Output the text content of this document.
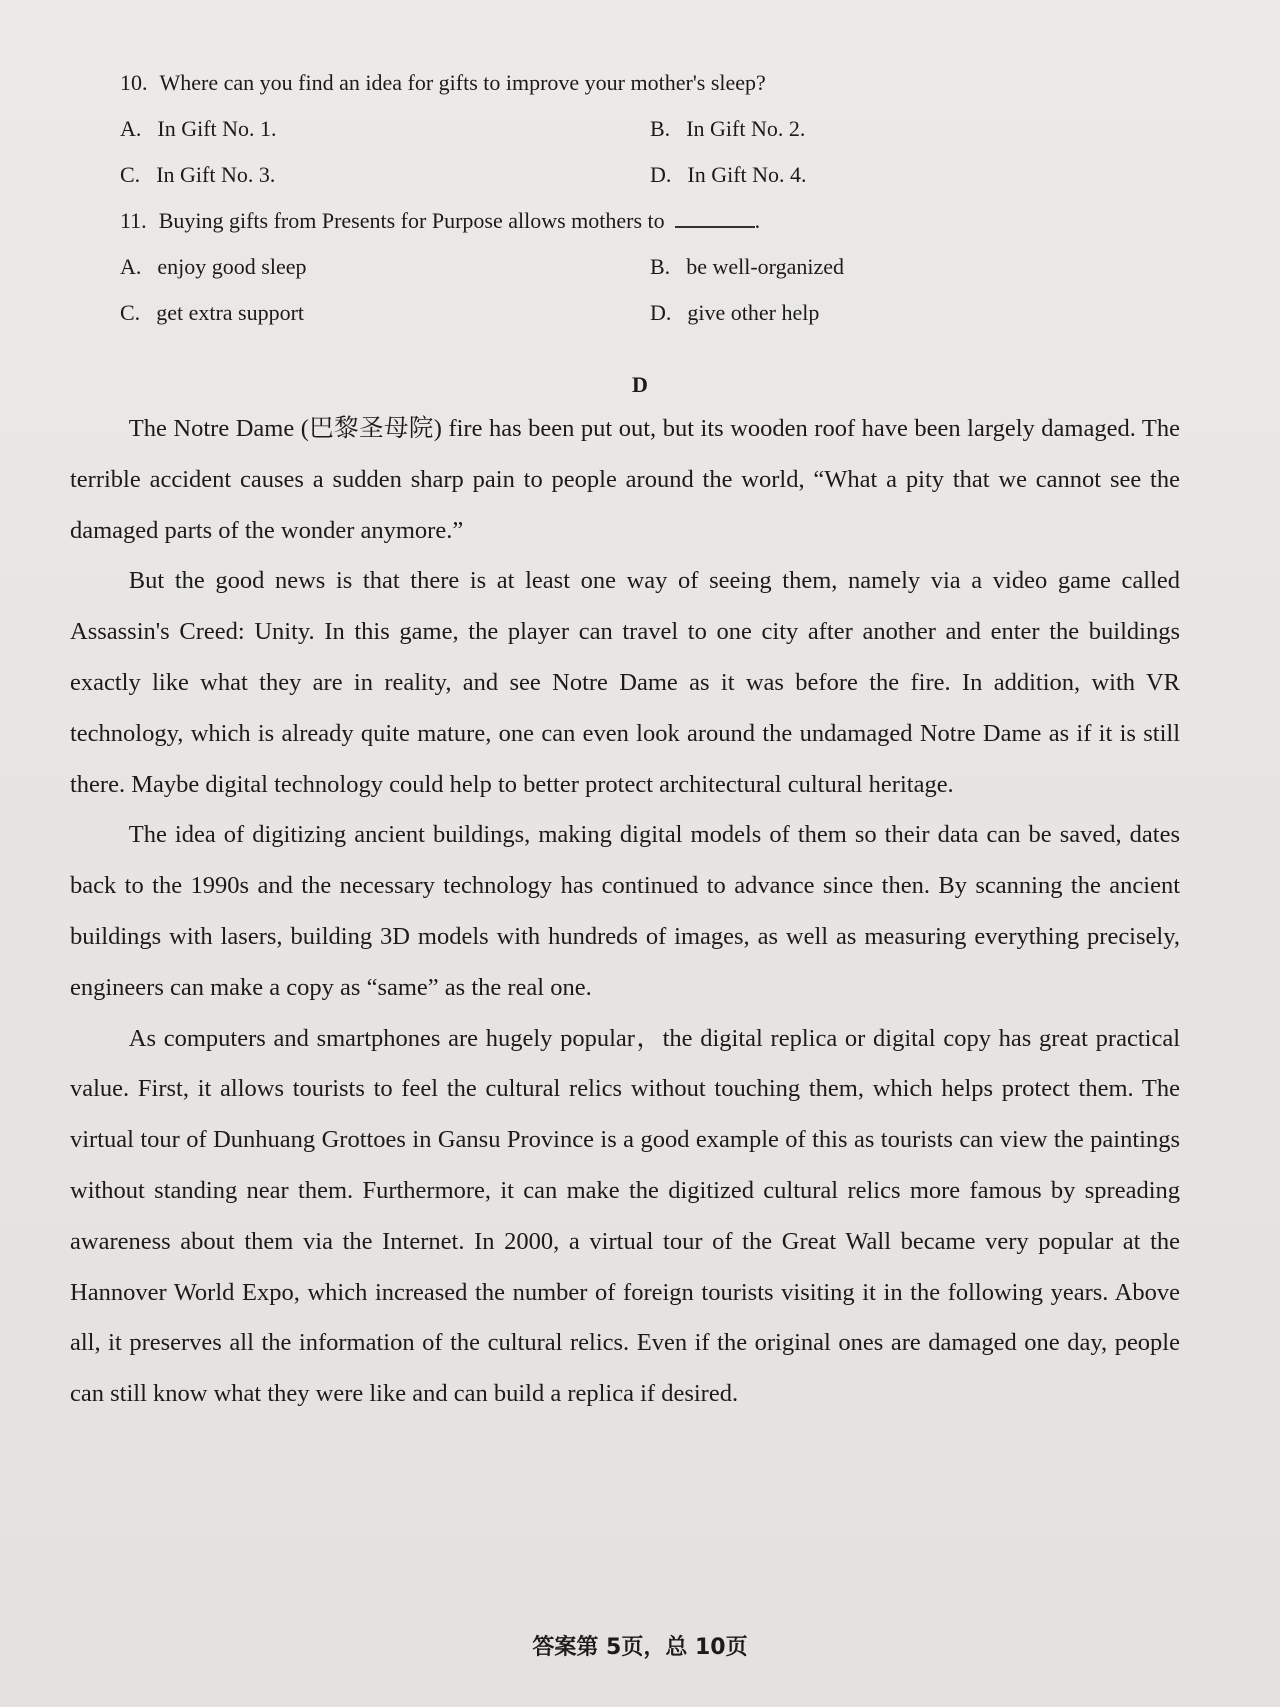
10. Where can you find an idea for gifts to improve your mother's sleep?
A. In Gift No. 1.	B. In Gift No. 2.
C. In Gift No. 3.	D. In Gift No. 4.
11. Buying gifts from Presents for Purpose allows mothers to	.
A. enjoy good sleep	B. be well-organized
C. get extra support	D. give other help
D

The Notre Dame (巴黎圣母院) fire has been put out, but its wooden roof have been largely damaged. The terrible accident causes a sudden sharp pain to people around the world, “What a pity that we cannot see the damaged parts of the wonder anymore.”

But the good news is that there is at least one way of seeing them, namely via a video game called Assassin's Creed: Unity. In this game, the player can travel to one city after another and enter the buildings exactly like what they are in reality, and see Notre Dame as it was before the fire. In addition, with VR technology, which is already quite mature, one can even look around the undamaged Notre Dame as if it is still there. Maybe digital technology could help to better protect architectural cultural heritage.

The idea of digitizing ancient buildings, making digital models of them so their data can be saved, dates back to the 1990s and the necessary technology has continued to advance since then. By scanning the ancient buildings with lasers, building 3D models with hundreds of images, as well as measuring everything precisely, engineers can make a copy as “same” as the real one.

As computers and smartphones are hugely popular，the digital replica or digital copy has great practical value. First, it allows tourists to feel the cultural relics without touching them, which helps protect them. The virtual tour of Dunhuang Grottoes in Gansu Province is a good example of this as tourists can view the paintings without standing near them. Furthermore, it can make the digitized cultural relics more famous by spreading awareness about them via the Internet. In 2000, a virtual tour of the Great Wall became very popular at the Hannover World Expo, which increased the number of foreign tourists visiting it in the following years. Above all, it preserves all the information of the cultural relics. Even if the original ones are damaged one day, people can still know what they were like and can build a replica if desired.

答案第 5页，总 10页
